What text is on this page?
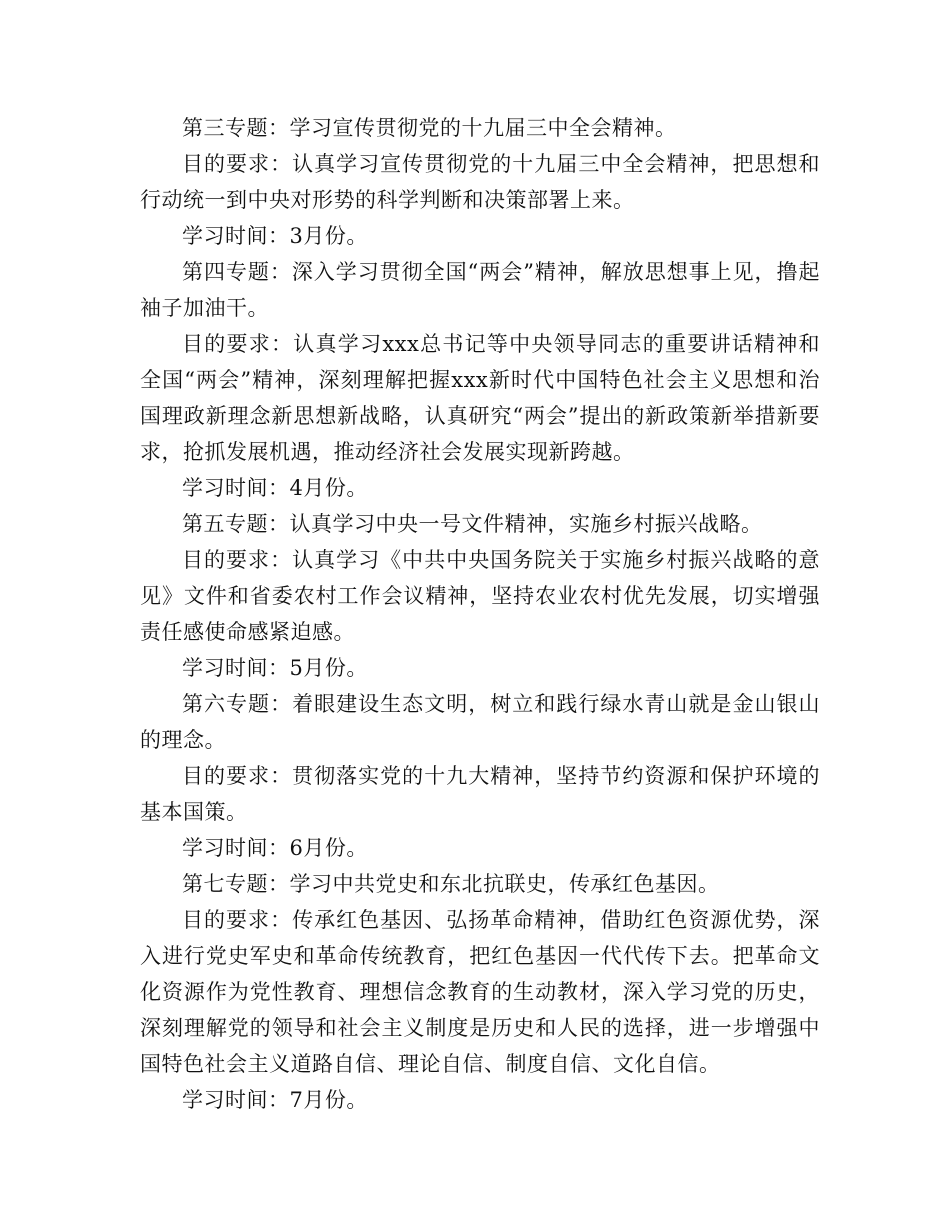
第三专题：学习宣传贯彻党的十九届三中全会精神。

目的要求：认真学习宣传贯彻党的十九届三中全会精神，把思想和行动统一到中央对形势的科学判断和决策部署上来。

学习时间：3月份。

第四专题：深入学习贯彻全国“两会”精神，解放思想事上见，撸起袖子加油干。

目的要求：认真学习xxx总书记等中央领导同志的重要讲话精神和全国“两会”精神，深刻理解把握xxx新时代中国特色社会主义思想和治国理政新理念新思想新战略，认真研究“两会”提出的新政策新举措新要求，抢抓发展机遇，推动经济社会发展实现新跨越。

学习时间：4月份。

第五专题：认真学习中央一号文件精神，实施乡村振兴战略。

目的要求：认真学习《中共中央国务院关于实施乡村振兴战略的意见》文件和省委农村工作会议精神，坚持农业农村优先发展，切实增强责任感使命感紧迫感。

学习时间：5月份。

第六专题：着眼建设生态文明，树立和践行绿水青山就是金山银山的理念。

目的要求：贯彻落实党的十九大精神，坚持节约资源和保护环境的基本国策。

学习时间：6月份。

第七专题：学习中共党史和东北抗联史，传承红色基因。

目的要求：传承红色基因、弘扬革命精神，借助红色资源优势，深入进行党史军史和革命传统教育，把红色基因一代代传下去。把革命文化资源作为党性教育、理想信念教育的生动教材，深入学习党的历史，深刻理解党的领导和社会主义制度是历史和人民的选择，进一步增强中国特色社会主义道路自信、理论自信、制度自信、文化自信。

学习时间：7月份。
